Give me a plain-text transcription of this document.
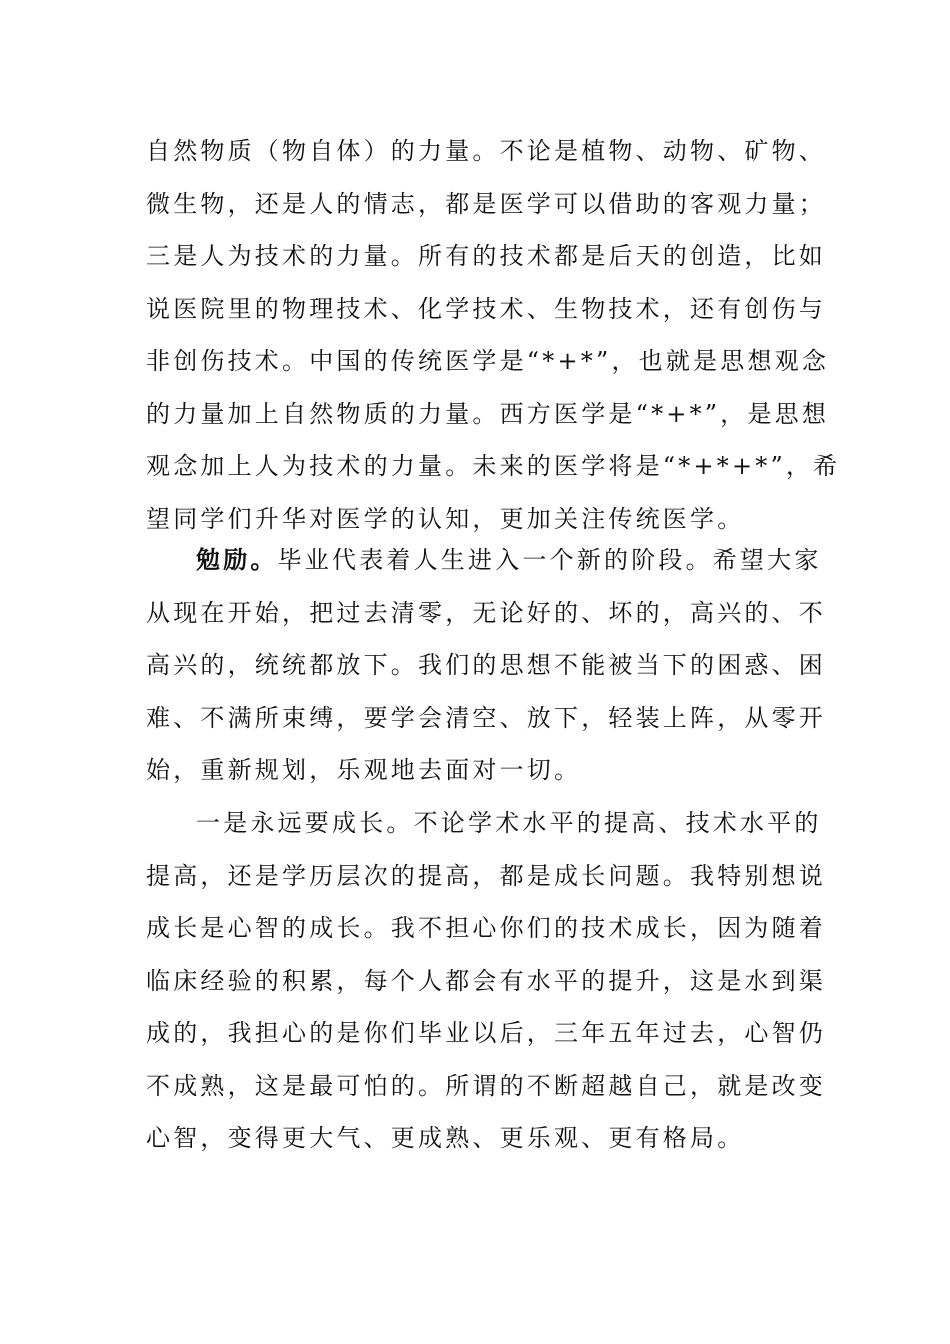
自然物质（物自体）的力量。不论是植物、动物、矿物、
微生物，还是人的情志，都是医学可以借助的客观力量；
三是人为技术的力量。所有的技术都是后天的创造，比如
说医院里的物理技术、化学技术、生物技术，还有创伤与
非创伤技术。中国的传统医学是“*+*”，也就是思想观念
的力量加上自然物质的力量。西方医学是“*+*”，是思想
观念加上人为技术的力量。未来的医学将是“*+*+*”，希
望同学们升华对医学的认知，更加关注传统医学。
勉励。毕业代表着人生进入一个新的阶段。希望大家
从现在开始，把过去清零，无论好的、坏的，高兴的、不
高兴的，统统都放下。我们的思想不能被当下的困惑、困
难、不满所束缚，要学会清空、放下，轻装上阵，从零开
始，重新规划，乐观地去面对一切。
一是永远要成长。不论学术水平的提高、技术水平的
提高，还是学历层次的提高，都是成长问题。我特别想说
成长是心智的成长。我不担心你们的技术成长，因为随着
临床经验的积累，每个人都会有水平的提升，这是水到渠
成的，我担心的是你们毕业以后，三年五年过去，心智仍
不成熟，这是最可怕的。所谓的不断超越自己，就是改变
心智，变得更大气、更成熟、更乐观、更有格局。
